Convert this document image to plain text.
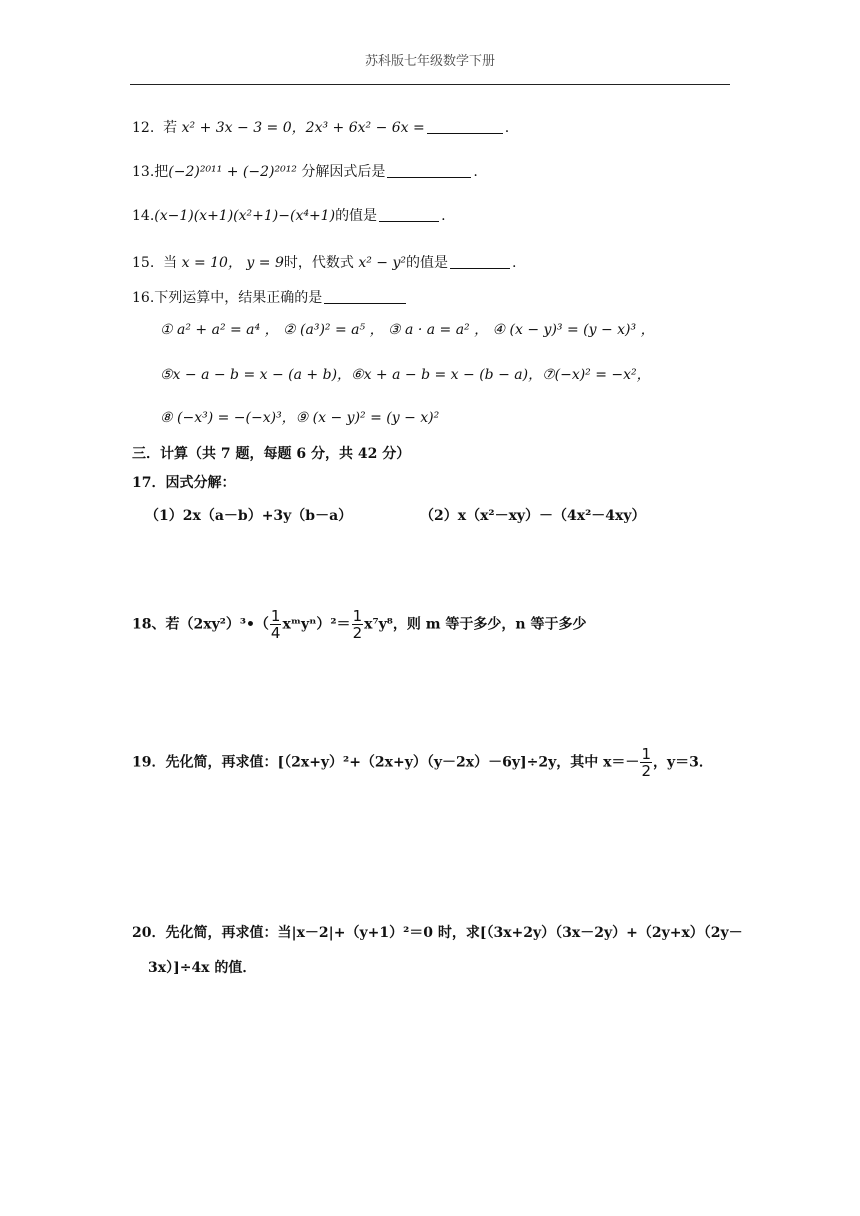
苏科版七年级数学下册
12. 若 x² + 3x − 3 = 0，2x³ + 6x² − 6x =	.
13.把(−2)²⁰¹¹ + (−2)²⁰¹² 分解因式后是	.
14.(x−1)(x+1)(x²+1)−(x⁴+1)的值是	.
15. 当 x = 10， y = 9时，代数式 x² − y²的值是	.
16.下列运算中，结果正确的是
① a² + a² = a⁴ ， ② (a³)² = a⁵ ， ③ a · a = a² ， ④ (x − y)³ = (y − x)³ ，
⑤x − a − b = x − (a + b)，⑥x + a − b = x − (b − a)，⑦(−x)² = −x²，
⑧ (−x³) = −(−x)³，⑨ (x − y)² = (y − x)²
三．计算（共 7 题，每题 6 分，共 42 分）
17．因式分解：
（1）2x（a－b）+3y（b－a）	（2）x（x²－xy）－（4x²－4xy）
18、若（2xy²）³•（ $\frac{1}{4}$ xᵐyⁿ）²＝ $\frac{1}{2} x^7y^8$，则 m 等于多少，n 等于多少
19．先化简，再求值：[（2x+y）²+（2x+y）（y－2x）－6y]÷2y，其中 $x=- \frac{1}{2}$ ，y＝3．
20．先化简，再求值：当|x－2|+（y+1）²＝0 时，求[（3x+2y）（3x－2y）+（2y+x）（2y－
3x）]÷4x 的值．
